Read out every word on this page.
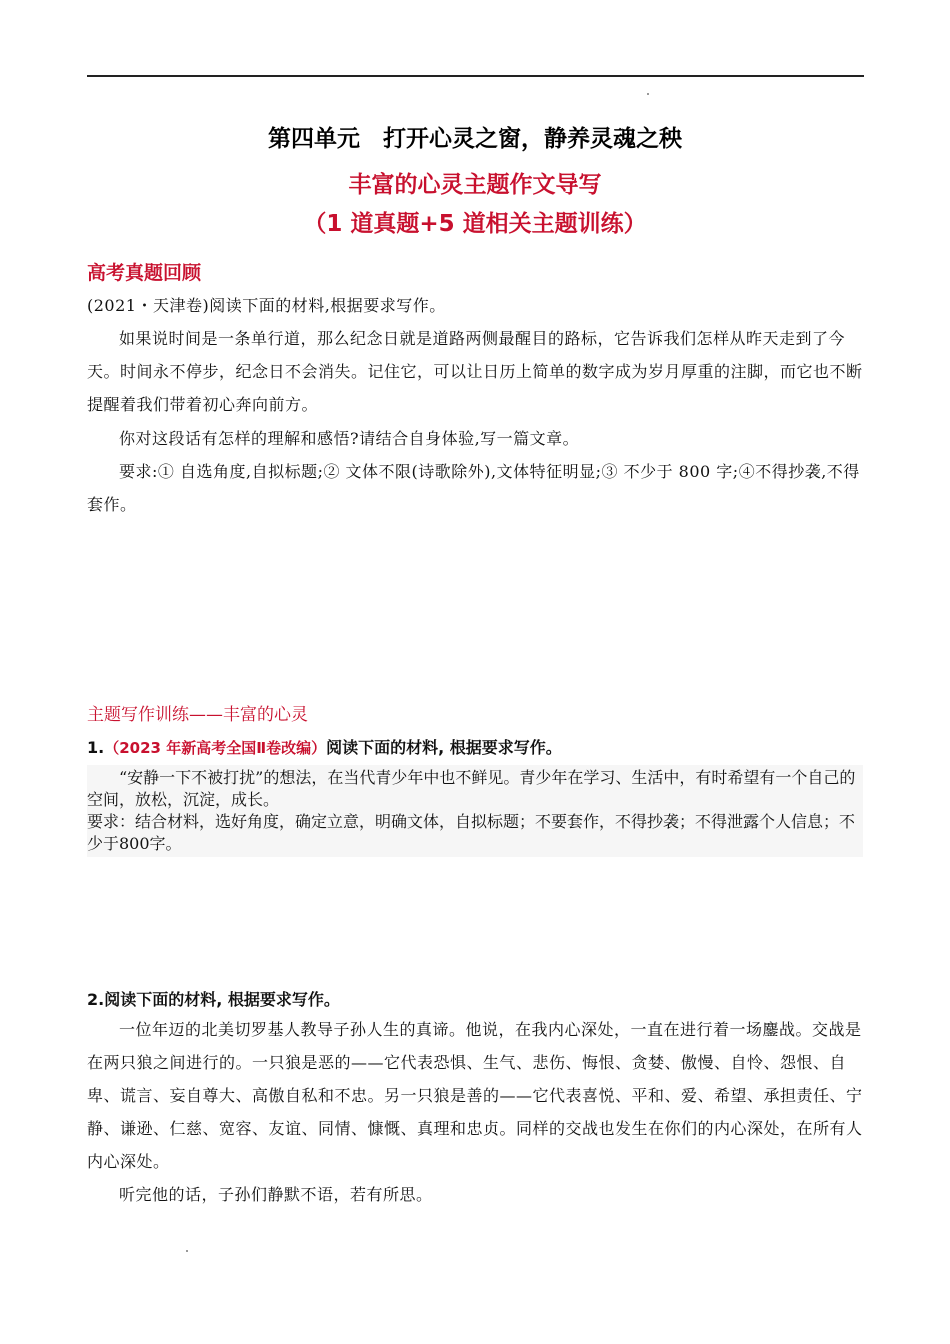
第四单元　打开心灵之窗，静养灵魂之秧
丰富的心灵主题作文导写
（1 道真题+5 道相关主题训练）
高考真题回顾
(2021・天津卷)阅读下面的材料,根据要求写作。
如果说时间是一条单行道，那么纪念日就是道路两侧最醒目的路标，它告诉我们怎样从昨天走到了今天。时间永不停步，纪念日不会消失。记住它，可以让日历上简单的数字成为岁月厚重的注脚，而它也不断提醒着我们带着初心奔向前方。
你对这段话有怎样的理解和感悟?请结合自身体验,写一篇文章。
要求:① 自选角度,自拟标题;② 文体不限(诗歌除外),文体特征明显;③ 不少于 800 字;④不得抄袭,不得套作。
主题写作训练——丰富的心灵
1.（2023 年新高考全国Ⅱ卷改编）阅读下面的材料, 根据要求写作。

“安静一下不被打扰”的想法，在当代青少年中也不鲜见。青少年在学习、生活中，有时希望有一个自己的空间，放松，沉淀，成长。

要求：结合材料，选好角度，确定立意，明确文体，自拟标题；不要套作，不得抄袭；不得泄露个人信息；不少于800字。

2.阅读下面的材料, 根据要求写作。
一位年迈的北美切罗基人教导子孙人生的真谛。他说，在我内心深处，一直在进行着一场鏖战。交战是在两只狼之间进行的。一只狼是恶的——它代表恐惧、生气、悲伤、悔恨、贪婪、傲慢、自怜、怨恨、自卑、谎言、妄自尊大、高傲自私和不忠。另一只狼是善的——它代表喜悦、平和、爱、希望、承担责任、宁静、谦逊、仁慈、宽容、友谊、同情、慷慨、真理和忠贞。同样的交战也发生在你们的内心深处，在所有人内心深处。
听完他的话，子孙们静默不语，若有所思。
